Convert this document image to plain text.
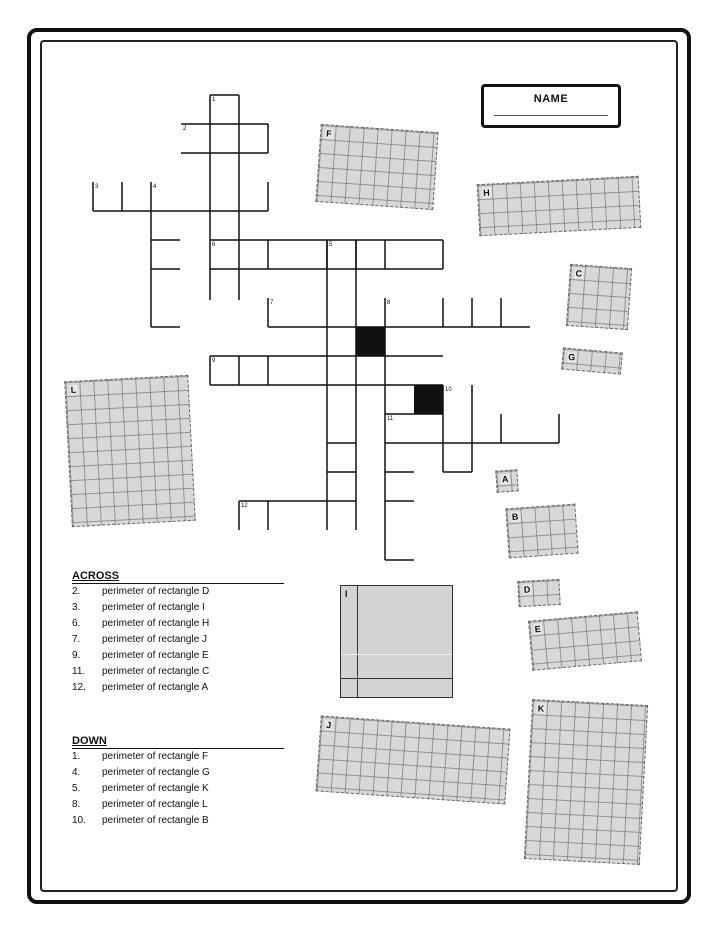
NAME
1
2
3	4
5
6
7	8
9
10
11
12
F
H
C
G
L
A
B
D
E
I
J
K
ACROSS
2.	perimeter of rectangle D
3.	perimeter of rectangle I
6.	perimeter of rectangle H
7.	perimeter of rectangle J
9.	perimeter of rectangle E
11.	perimeter of rectangle C
12.	perimeter of rectangle A
DOWN
1.	perimeter of rectangle F
4.	perimeter of rectangle G
5.	perimeter of rectangle K
8.	perimeter of rectangle L
10.	perimeter of rectangle B
